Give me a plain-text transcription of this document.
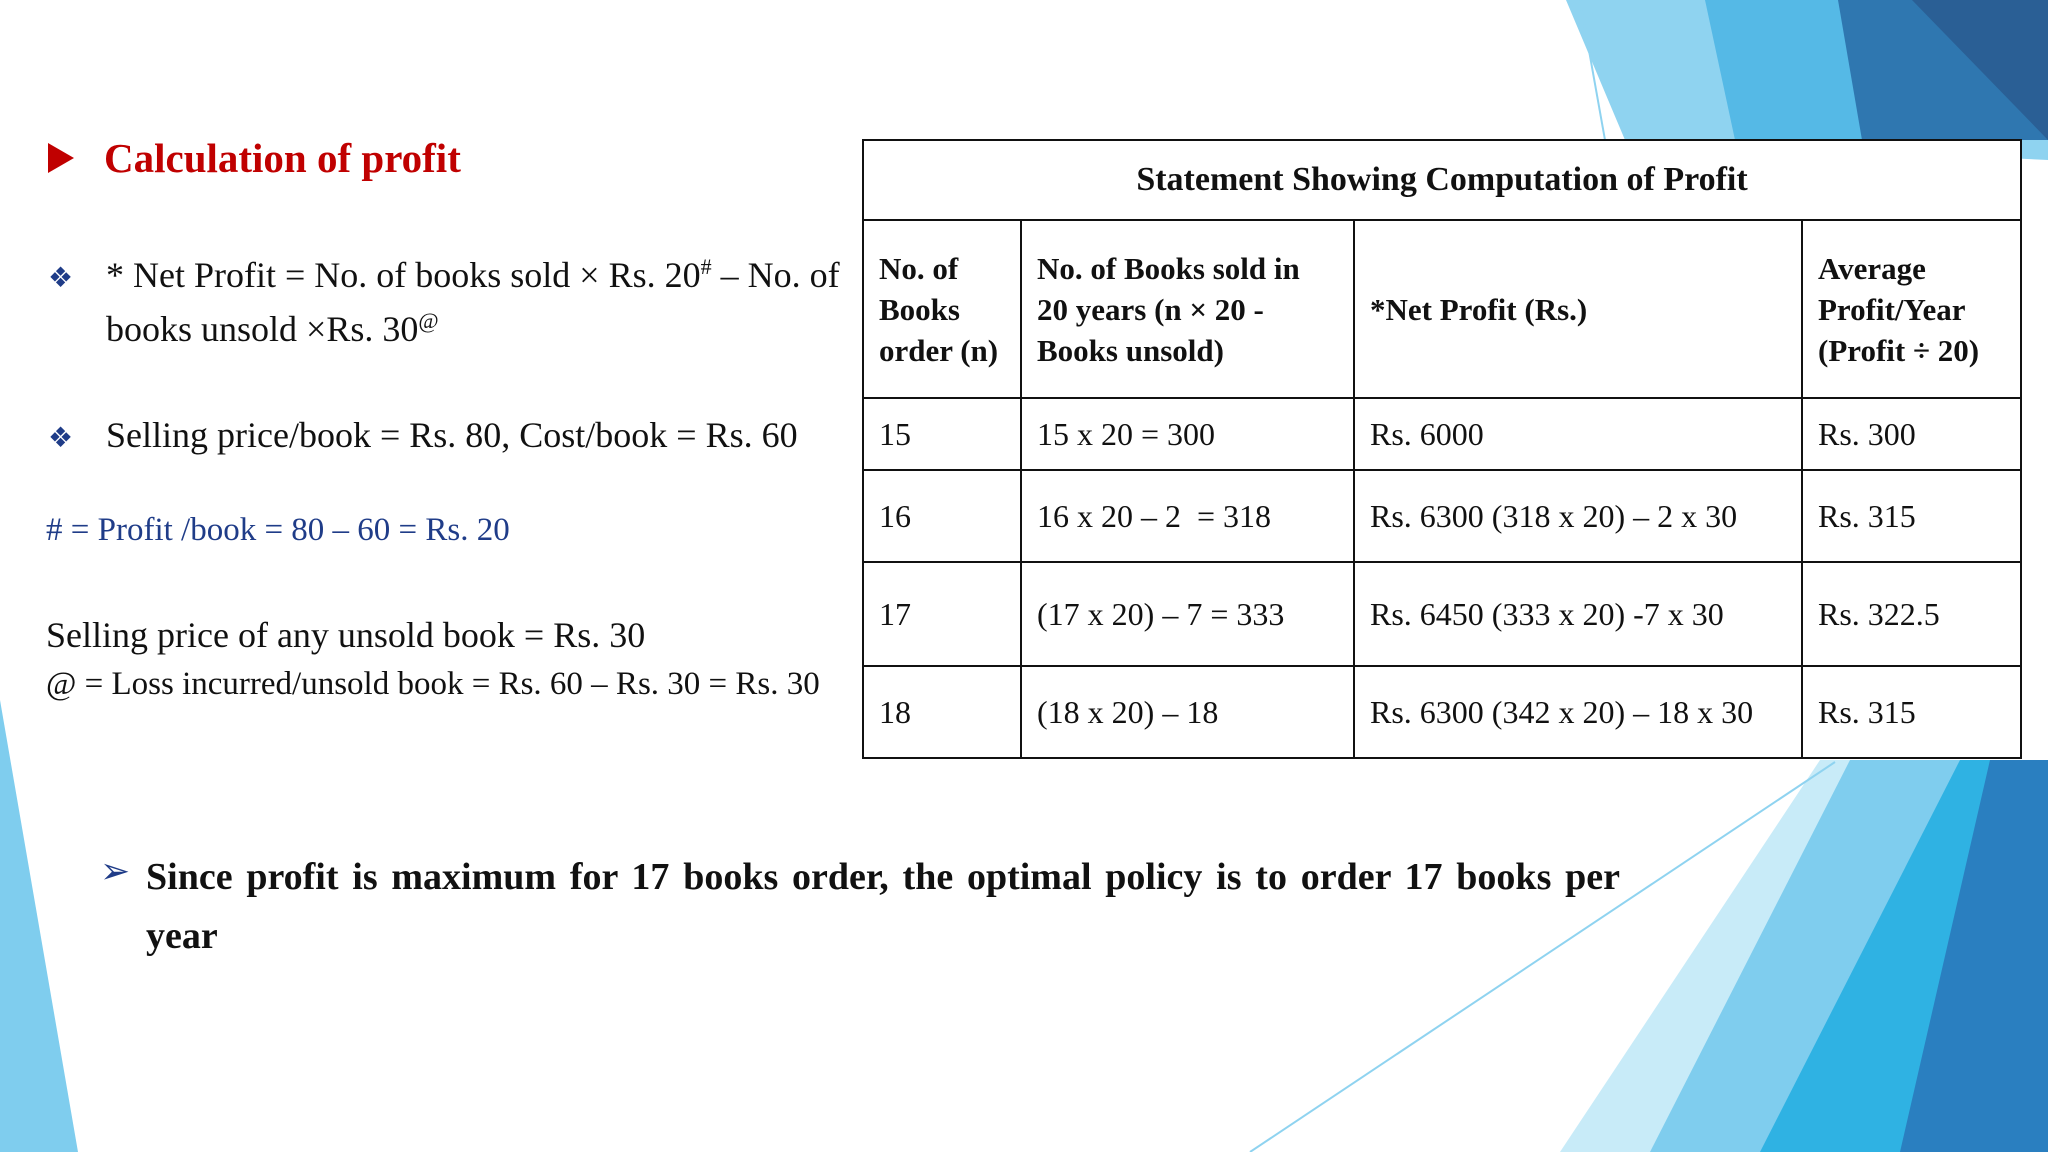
Calculation of profit
❖ * Net Profit = No. of books sold × Rs. 20# – No. of books unsold ×Rs. 30@
❖ Selling price/book = Rs. 80, Cost/book = Rs. 60
# = Profit /book = 80 – 60 = Rs. 20
Selling price of any unsold book = Rs. 30
@ = Loss incurred/unsold book = Rs. 60 – Rs. 30 = Rs. 30
Statement Showing Computation of Profit			
No. of Books order (n)	No. of Books sold in 20 years (n × 20 - Books unsold)	*Net Profit (Rs.)	Average Profit/Year (Profit ÷ 20)
15	15 x 20 = 300	Rs. 6000	Rs. 300
16	16 x 20 – 2  = 318	Rs. 6300 (318 x 20) – 2 x 30	Rs. 315
17	(17 x 20) – 7 = 333	Rs. 6450 (333 x 20) -7 x 30	Rs. 322.5
18	(18 x 20) – 18	Rs. 6300 (342 x 20) – 18 x 30	Rs. 315
➢ Since profit is maximum for 17 books order, the optimal policy is to order 17 books per year
